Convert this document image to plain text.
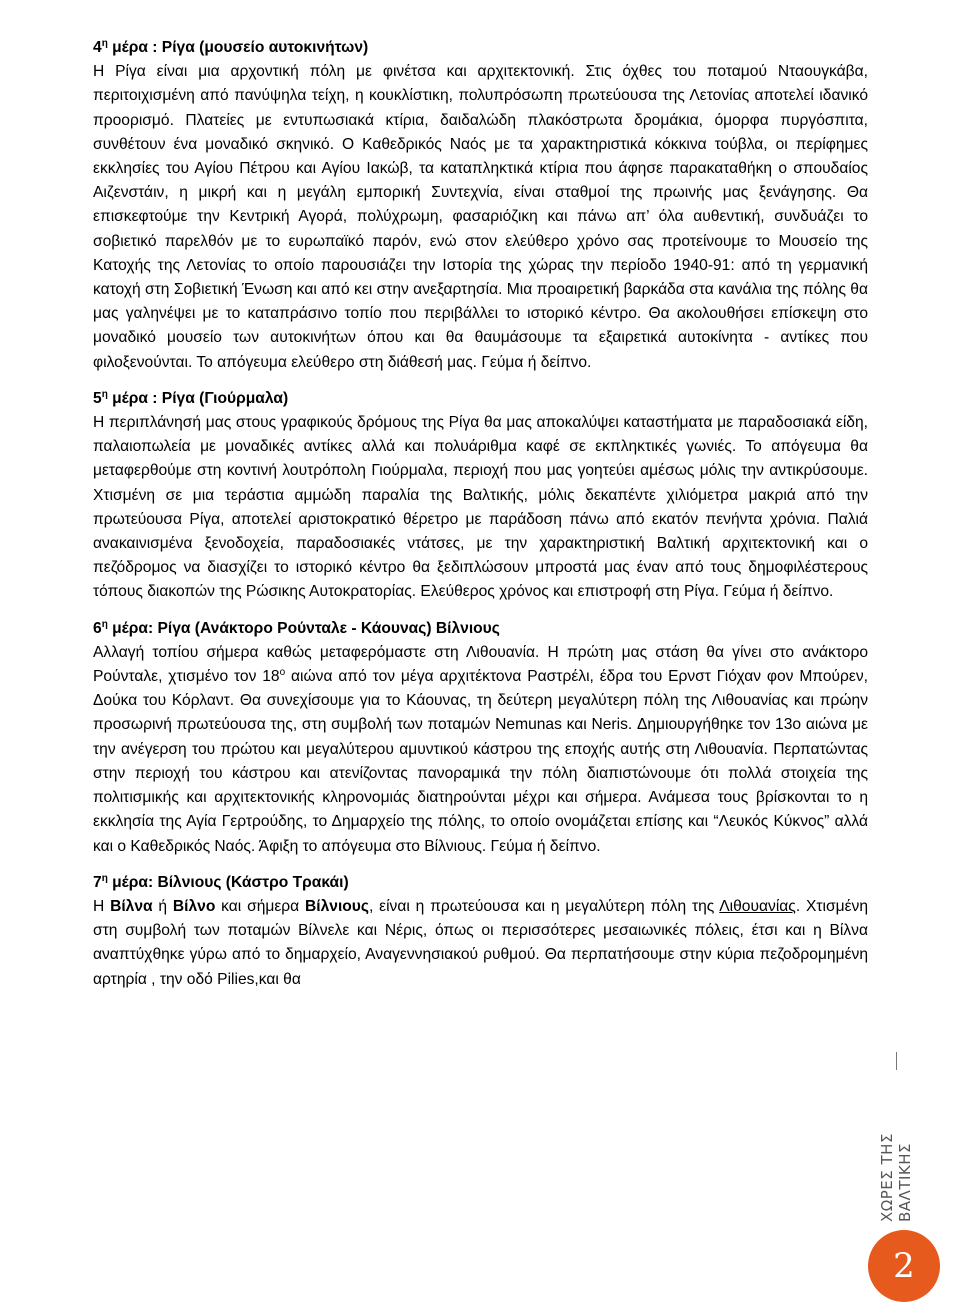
$4^\eta$ μέρα : Ρίγα (μουσείο αυτοκινήτων)
Η Ρίγα είναι μια αρχοντική πόλη με φινέτσα και αρχιτεκτονική. Στις όχθες του ποταμού Νταουγκάβα, περιτοιχισμένη από πανύψηλα τείχη, η κουκλίστικη, πολυπρόσωπη πρωτεύουσα της Λετονίας αποτελεί ιδανικό προορισμό. Πλατείες με εντυπωσιακά κτίρια, δαιδαλώδη πλακόστρωτα δρομάκια, όμορφα πυργόσπιτα, συνθέτουν ένα μοναδικό σκηνικό. Ο Καθεδρικός Ναός με τα χαρακτηριστικά κόκκινα τούβλα, οι περίφημες εκκλησίες του Αγίου Πέτρου και Αγίου Ιακώβ, τα καταπληκτικά κτίρια που άφησε παρακαταθήκη ο σπουδαίος Αιζενστάιν, η μικρή και η μεγάλη εμπορική Συντεχνία, είναι σταθμοί της πρωινής μας ξενάγησης. Θα επισκεφτούμε την Κεντρική Αγορά, πολύχρωμη, φασαριόζικη και πάνω απ’ όλα αυθεντική, συνδυάζει το σοβιετικό παρελθόν με το ευρωπαϊκό παρόν, ενώ στον ελεύθερο χρόνο σας προτείνουμε το Μουσείο της Κατοχής της Λετονίας το οποίο παρουσιάζει την Ιστορία της χώρας την περίοδο 1940-91: από τη γερμανική κατοχή στη Σοβιετική Ένωση και από κει στην ανεξαρτησία. Μια προαιρετική βαρκάδα στα κανάλια της πόλης θα μας γαληνέψει με το καταπράσινο τοπίο που περιβάλλει το ιστορικό κέντρο. Θα ακολουθήσει επίσκεψη στο μοναδικό μουσείο των αυτοκινήτων όπου και θα θαυμάσουμε τα εξαιρετικά αυτοκίνητα - αντίκες που φιλοξενούνται. Το απόγευμα ελεύθερο στη διάθεσή μας. Γεύμα ή δείπνο.
$5^\eta$ μέρα : Ρίγα (Γιούρμαλα)
Η περιπλάνησή μας στους γραφικούς δρόμους της Ρίγα θα μας αποκαλύψει καταστήματα με παραδοσιακά είδη, παλαιοπωλεία με μοναδικές αντίκες αλλά και πολυάριθμα καφέ σε εκπληκτικές γωνιές. Το απόγευμα θα μεταφερθούμε στη κοντινή λουτρόπολη Γιούρμαλα, περιοχή που μας γοητεύει αμέσως μόλις την αντικρύσουμε. Χτισμένη σε μια τεράστια αμμώδη παραλία της Βαλτικής, μόλις δεκαπέντε χιλιόμετρα μακριά από την πρωτεύουσα Ρίγα, αποτελεί αριστοκρατικό θέρετρο με παράδοση πάνω από εκατόν πενήντα χρόνια. Παλιά ανακαινισμένα ξενοδοχεία, παραδοσιακές ντάτσες, με την χαρακτηριστική Βαλτική αρχιτεκτονική και ο πεζόδρομος να διασχίζει το ιστορικό κέντρο θα ξεδιπλώσουν μπροστά μας έναν από τους δημοφιλέστερους τόπους διακοπών της Ρώσικης Αυτοκρατορίας. Ελεύθερος χρόνος και επιστροφή στη Ρίγα. Γεύμα ή δείπνο.
$6^\eta$ μέρα: Ρίγα (Ανάκτορο Ρούνταλε - Κάουνας) Βίλνιους
Αλλαγή τοπίου σήμερα καθώς μεταφερόμαστε στη Λιθουανία. Η πρώτη μας στάση θα γίνει στο ανάκτορο Ρούνταλε, χτισμένο τον $18^o$ αιώνα από τον μέγα αρχιτέκτονα Ραστρέλι, έδρα του Ερνστ Γιόχαν φον Μπούρεν, Δούκα του Κόρλαντ. Θα συνεχίσουμε για το Κάουνας, τη δεύτερη μεγαλύτερη πόλη της Λιθουανίας και πρώην προσωρινή πρωτεύουσα της, στη συμβολή των ποταμών Nemunas και Neris. Δημιουργήθηκε τον 13ο αιώνα με την ανέγερση του πρώτου και μεγαλύτερου αμυντικού κάστρου της εποχής αυτής στη Λιθουανία. Περπατώντας στην περιοχή του κάστρου και ατενίζοντας πανοραμικά την πόλη διαπιστώνουμε ότι πολλά στοιχεία της πολιτισμικής και αρχιτεκτονικής κληρονομιάς διατηρούνται μέχρι και σήμερα. Ανάμεσα τους βρίσκονται το η εκκλησία της Αγία Γερτρούδης, το Δημαρχείο της πόλης, το οποίο ονομάζεται επίσης και “Λευκός Κύκνος” αλλά και ο Καθεδρικός Ναός. Άφιξη το απόγευμα στο Βίλνιους. Γεύμα ή δείπνο.
$7^\eta$ μέρα: Βίλνιους (Κάστρο Τρακάι)
Η Βίλνα ή Βίλνο και σήμερα Βίλνιους, είναι η πρωτεύουσα και η μεγαλύτερη πόλη της Λιθουανίας. Χτισμένη στη συμβολή των ποταμών Βίλνελε και Νέρις, όπως οι περισσότερες μεσαιωνικές πόλεις, έτσι και η Βίλνα αναπτύχθηκε γύρω από το δημαρχείο, Αναγεννησιακού ρυθμού. Θα περπατήσουμε στην κύρια πεζοδρομημένη αρτηρία , την οδό Pilies,και θα
ΧΩΡΕΣ ΤΗΣ ΒΑΛΤΙΚΗΣ
2
